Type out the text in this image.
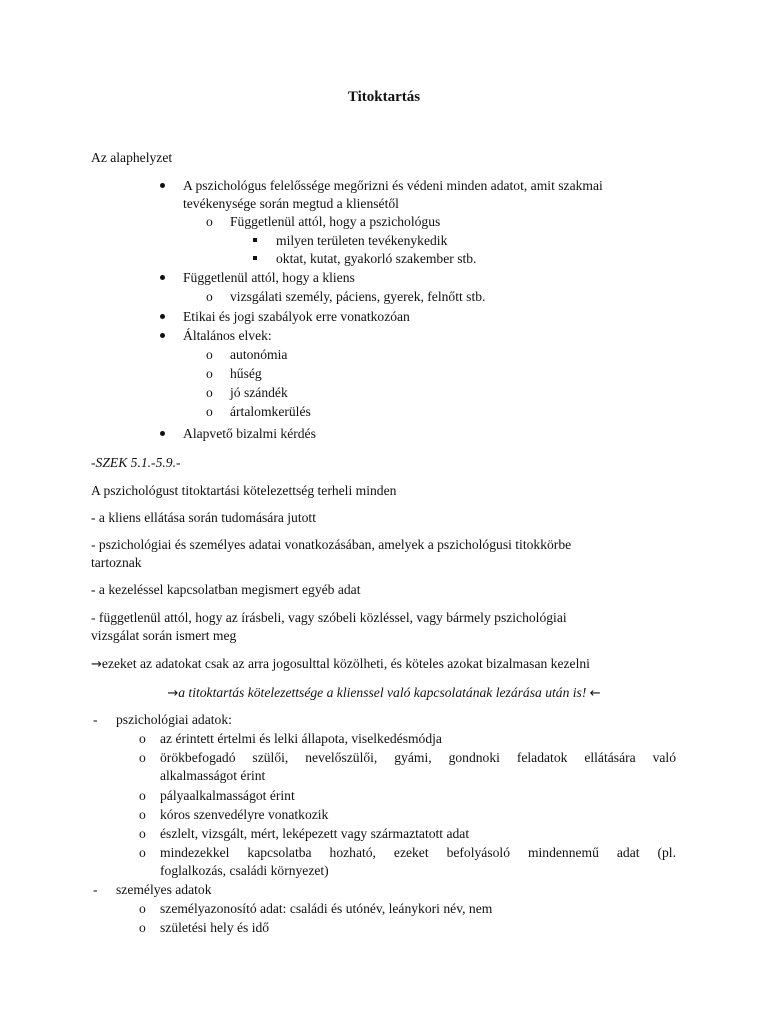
Titoktartás
Az alaphelyzet
A pszichológus felelőssége megőrizni és védeni minden adatot, amit szakmai
tevékenysége során megtud a kliensétől
o Függetlenül attól, hogy a pszichológus
milyen területen tevékenykedik
oktat, kutat, gyakorló szakember stb.
Függetlenül attól, hogy a kliens
o vizsgálati személy, páciens, gyerek, felnőtt stb.
Etikai és jogi szabályok erre vonatkozóan
Általános elvek:
o autonómia
o hűség
o jó szándék
o ártalomkerülés
Alapvető bizalmi kérdés
-SZEK 5.1.-5.9.-
A pszichológust titoktartási kötelezettség terheli minden
- a kliens ellátása során tudomására jutott
- pszichológiai és személyes adatai vonatkozásában, amelyek a pszichológusi titokkörbe
tartoznak
- a kezeléssel kapcsolatban megismert egyéb adat
- függetlenül attól, hogy az írásbeli, vagy szóbeli közléssel, vagy bármely pszichológiai
vizsgálat során ismert meg
→ezeket az adatokat csak az arra jogosulttal közölheti, és köteles azokat bizalmasan kezelni
→a titoktartás kötelezettsége a klienssel való kapcsolatának lezárása után is! ←
- pszichológiai adatok:
o az érintett értelmi és lelki állapota, viselkedésmódja
o örökbefogadó szülői, nevelőszülői, gyámi, gondnoki feladatok ellátására való
alkalmasságot érint
o pályaalkalmasságot érint
o kóros szenvedélyre vonatkozik
o észlelt, vizsgált, mért, leképezett vagy származtatott adat
o mindezekkel kapcsolatba hozható, ezeket befolyásoló mindennemű adat (pl.
foglalkozás, családi környezet)
- személyes adatok
o személyazonosító adat: családi és utónév, leánykori név, nem
o születési hely és idő
